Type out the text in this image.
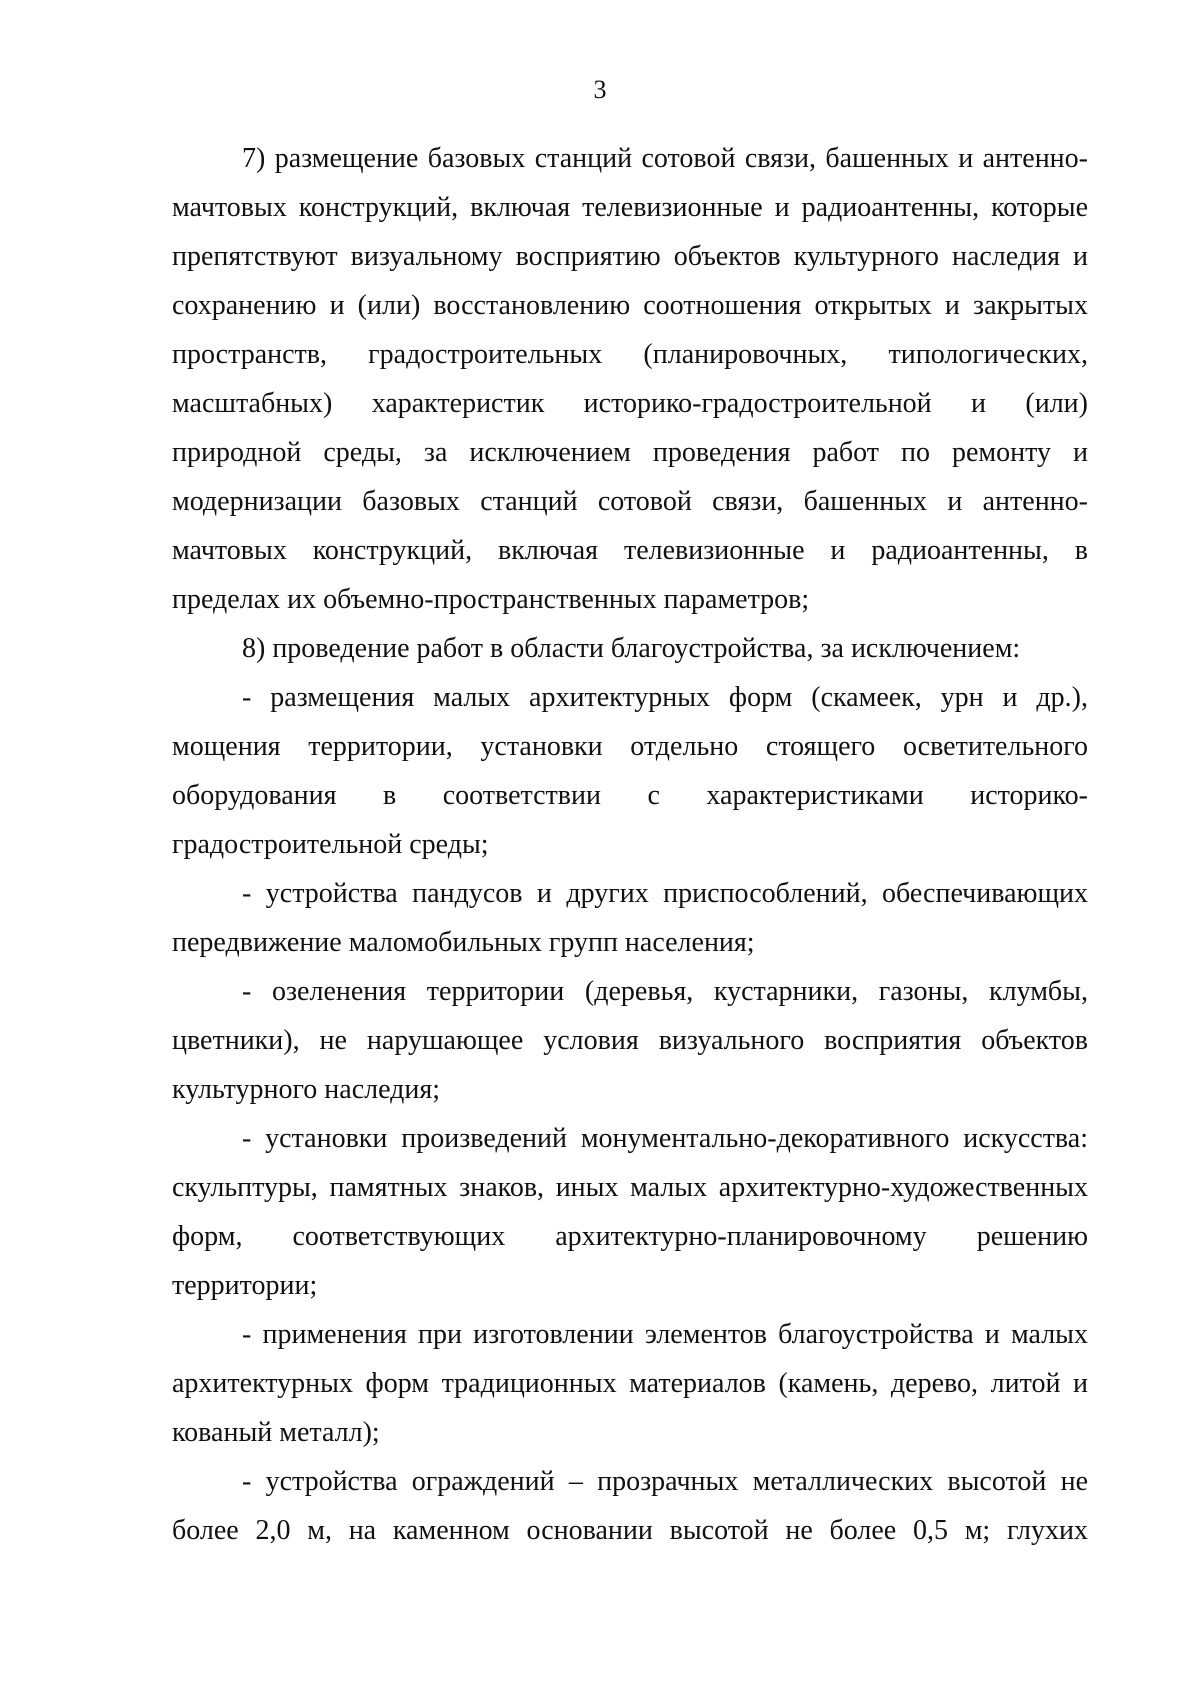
3

7) размещение базовых станций сотовой связи, башенных и антенно-мачтовых конструкций, включая телевизионные и радиоантенны, которые препятствуют визуальному восприятию объектов культурного наследия и сохранению и (или) восстановлению соотношения открытых и закрытых пространств, градостроительных (планировочных, типологических, масштабных) характеристик историко-градостроительной и (или) природной среды, за исключением проведения работ по ремонту и модернизации базовых станций сотовой связи, башенных и антенно-мачтовых конструкций, включая телевизионные и радиоантенны, в пределах их объемно-пространственных параметров;

8) проведение работ в области благоустройства, за исключением:

- размещения малых архитектурных форм (скамеек, урн и др.), мощения территории, установки отдельно стоящего осветительного оборудования в соответствии с характеристиками историко-градостроительной среды;

- устройства пандусов и других приспособлений, обеспечивающих передвижение маломобильных групп населения;

- озеленения территории (деревья, кустарники, газоны, клумбы, цветники), не нарушающее условия визуального восприятия объектов культурного наследия;

- установки произведений монументально-декоративного искусства: скульптуры, памятных знаков, иных малых архитектурно-художественных форм, соответствующих архитектурно-планировочному решению территории;

- применения при изготовлении элементов благоустройства и малых архитектурных форм традиционных материалов (камень, дерево, литой и кованый металл);

- устройства ограждений – прозрачных металлических высотой не более 2,0 м, на каменном основании высотой не более 0,5 м; глухих
